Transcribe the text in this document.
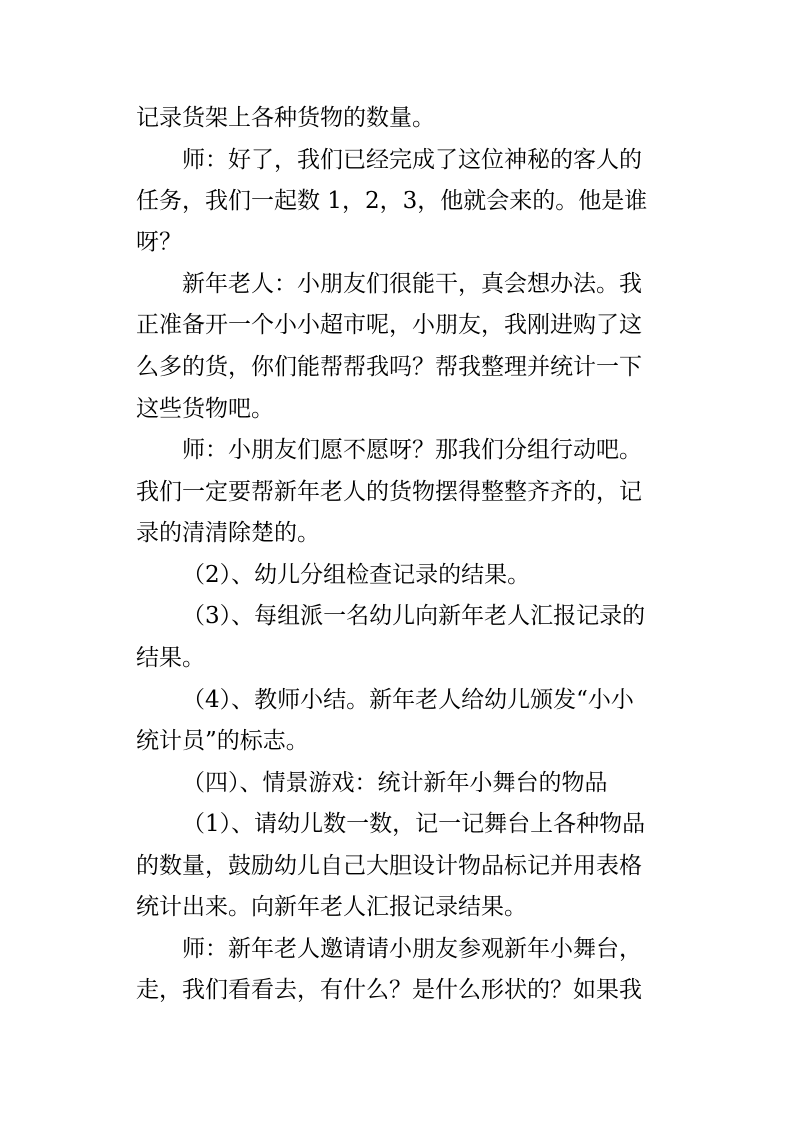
记录货架上各种货物的数量。
师：好了，我们已经完成了这位神秘的客人的
任务，我们一起数 1，2，3，他就会来的。他是谁
呀？
新年老人：小朋友们很能干，真会想办法。我
正准备开一个小小超市呢，小朋友，我刚进购了这
么多的货，你们能帮帮我吗？帮我整理并统计一下
这些货物吧。
师：小朋友们愿不愿呀？那我们分组行动吧。
我们一定要帮新年老人的货物摆得整整齐齐的，记
录的清清除楚的。
（2）、幼儿分组检查记录的结果。
（3）、每组派一名幼儿向新年老人汇报记录的
结果。
（4）、教师小结。新年老人给幼儿颁发“小小
统计员”的标志。
（四）、情景游戏：统计新年小舞台的物品
（1）、请幼儿数一数，记一记舞台上各种物品
的数量，鼓励幼儿自己大胆设计物品标记并用表格
统计出来。向新年老人汇报记录结果。
师：新年老人邀请请小朋友参观新年小舞台，
走，我们看看去，有什么？是什么形状的？如果我
